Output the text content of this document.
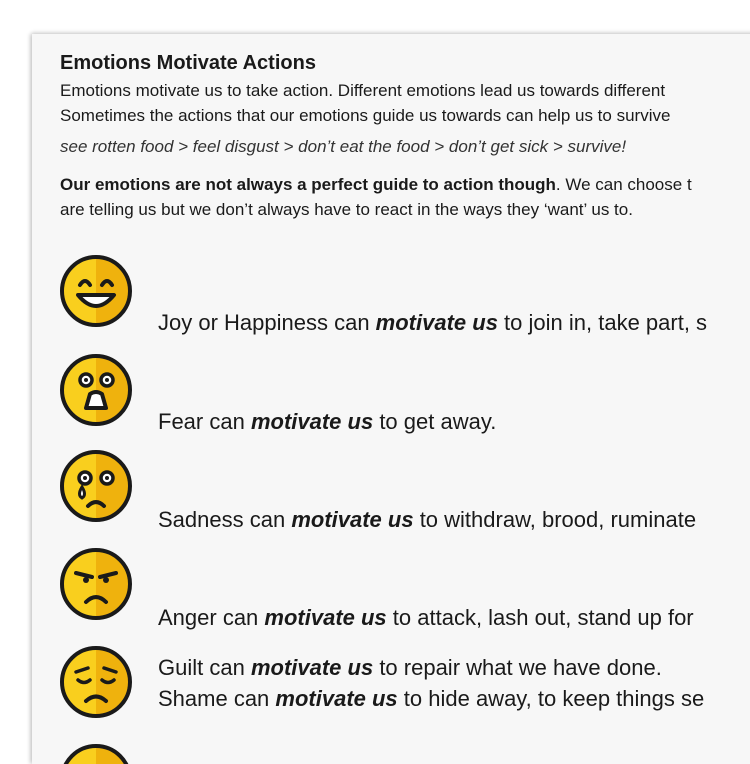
Emotions Motivate Actions
Emotions motivate us to take action. Different emotions lead us towards different
Sometimes the actions that our emotions guide us towards can help us to survive
see rotten food > feel disgust > don’t eat the food > don’t get sick > survive!
Our emotions are not always a perfect guide to action though. We can choose t
are telling us but we don’t always have to react in the ways they ‘want’ us to.
Joy or Happiness can motivate us to join in, take part, s
Fear can motivate us to get away.
Sadness can motivate us to withdraw, brood, ruminate
Anger can motivate us to attack, lash out, stand up for
Guilt can motivate us to repair what we have done.
Shame can motivate us to hide away, to keep things se
